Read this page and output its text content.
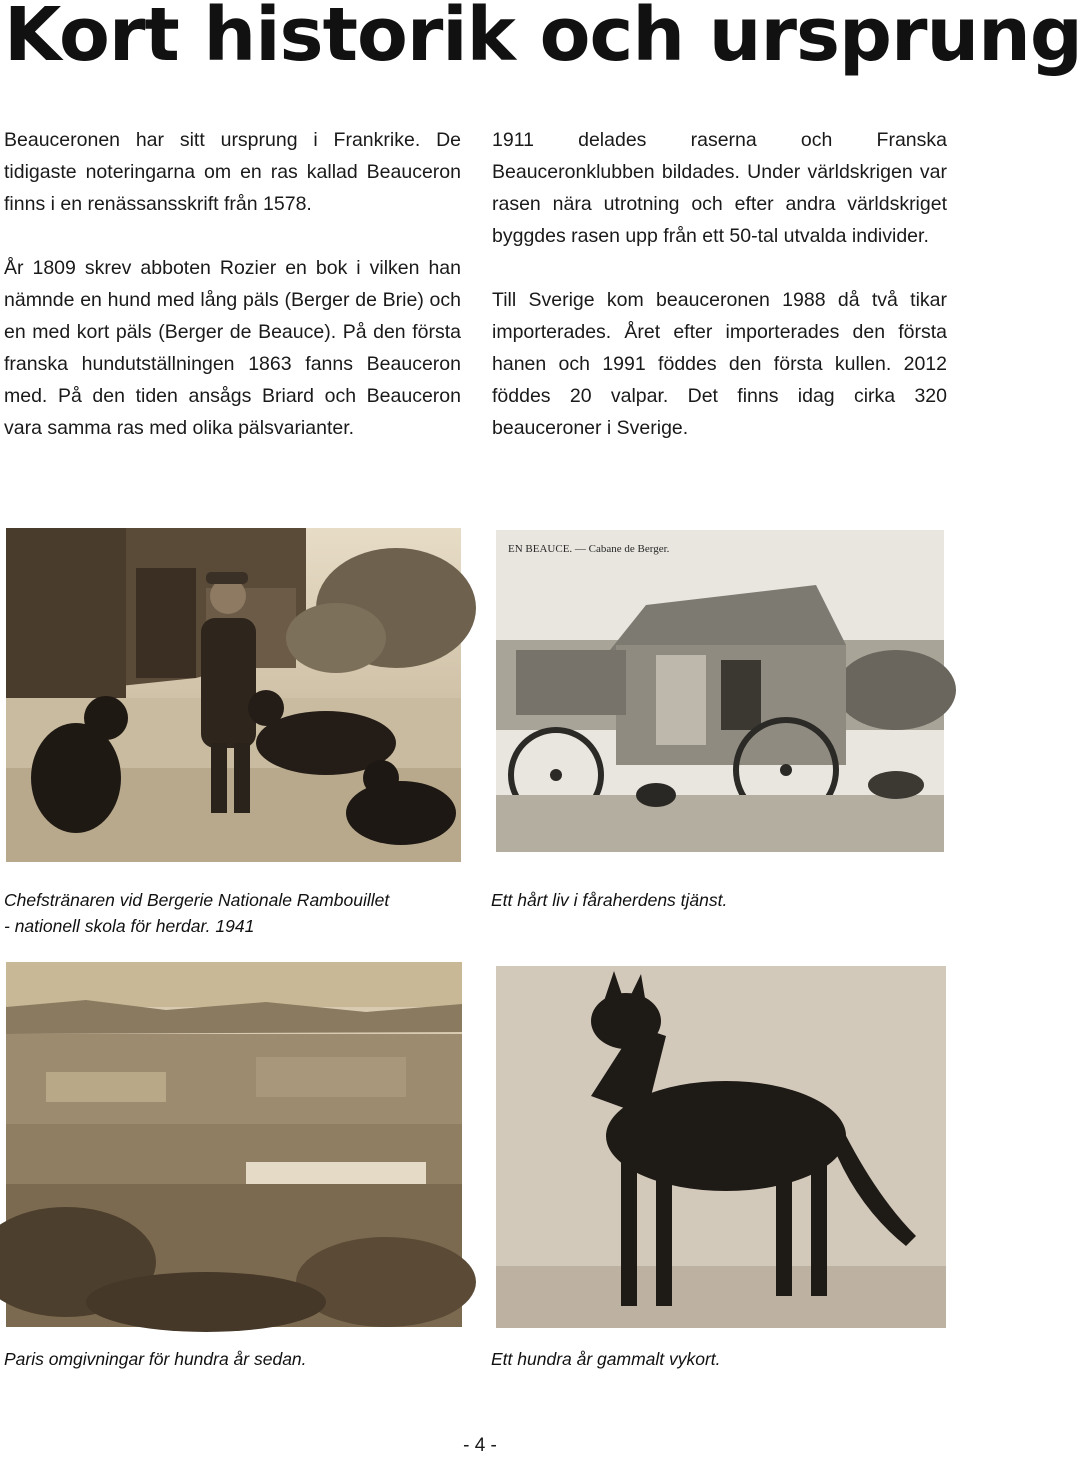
Kort historik och ursprung

Beauceronen har sitt ursprung i Frankrike. De tidigaste noteringarna om en ras kallad Beauceron finns i en renässansskrift från 1578.

År 1809 skrev abboten Rozier en bok i vilken han nämnde en hund med lång päls (Berger de Brie) och en med kort päls (Berger de Beauce). På den första franska hundutställningen 1863 fanns Beauceron med. På den tiden ansågs Briard och Beauceron vara samma ras med olika pälsvarianter.

1911 delades raserna och Franska Beauceronklubben bildades. Under världskrigen var rasen nära utrotning och efter andra världskriget byggdes rasen upp från ett 50-tal utvalda individer.

Till Sverige kom beauceronen 1988 då två tikar importerades. Året efter importerades den första hanen och 1991 föddes den första kullen. 2012 föddes 20 valpar. Det finns idag cirka 320 beauceroner i Sverige.

Chefstränaren vid Bergerie Nationale Rambouillet
- nationell skola för herdar. 1941

EN BEAUCE. — Cabane de Berger.

Ett hårt liv i fåraherdens tjänst.

Paris omgivningar för hundra år sedan.	Ett hundra år gammalt vykort.

- 4 -
